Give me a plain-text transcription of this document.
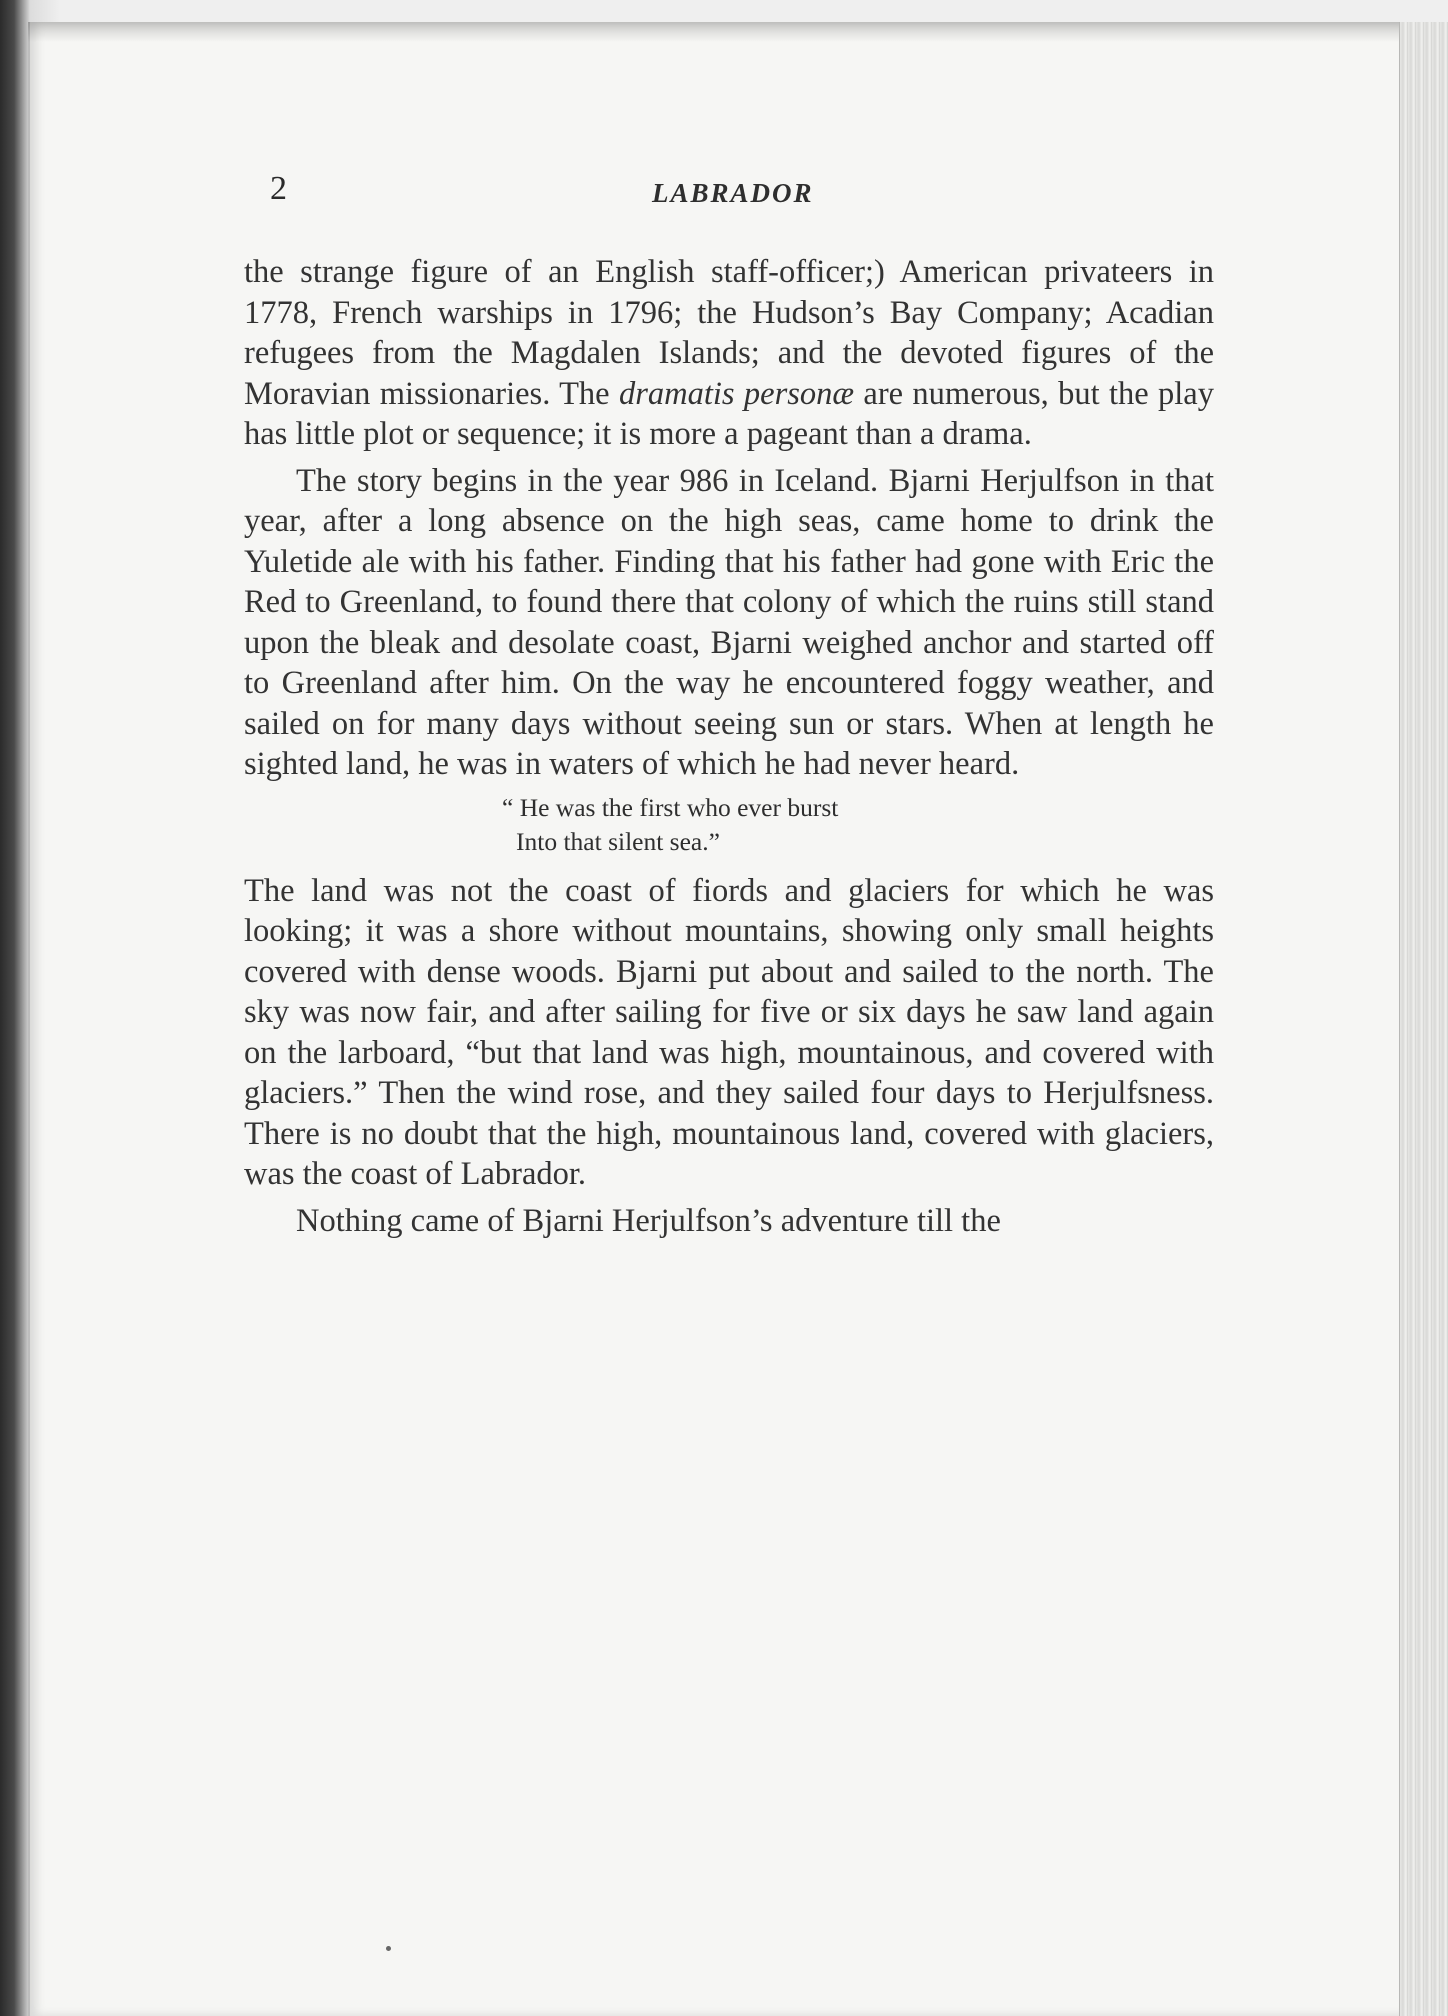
2	LABRADOR

the strange figure of an English staff-officer;) American privateers in 1778, French warships in 1796; the Hudson’s Bay Company; Acadian refugees from the Magdalen Islands; and the devoted figures of the Moravian missionaries. The dramatis personæ are numerous, but the play has little plot or sequence; it is more a pageant than a drama.

The story begins in the year 986 in Iceland. Bjarni Herjulfson in that year, after a long absence on the high seas, came home to drink the Yuletide ale with his father. Finding that his father had gone with Eric the Red to Greenland, to found there that colony of which the ruins still stand upon the bleak and desolate coast, Bjarni weighed anchor and started off to Greenland after him. On the way he encountered foggy weather, and sailed on for many days without seeing sun or stars. When at length he sighted land, he was in waters of which he had never heard.

“ He was the first who ever burst
Into that silent sea.”

The land was not the coast of fiords and glaciers for which he was looking; it was a shore without mountains, showing only small heights covered with dense woods. Bjarni put about and sailed to the north. The sky was now fair, and after sailing for five or six days he saw land again on the larboard, “but that land was high, mountainous, and covered with glaciers.” Then the wind rose, and they sailed four days to Herjulfsness. There is no doubt that the high, mountainous land, covered with glaciers, was the coast of Labrador.

Nothing came of Bjarni Herjulfson’s adventure till the
